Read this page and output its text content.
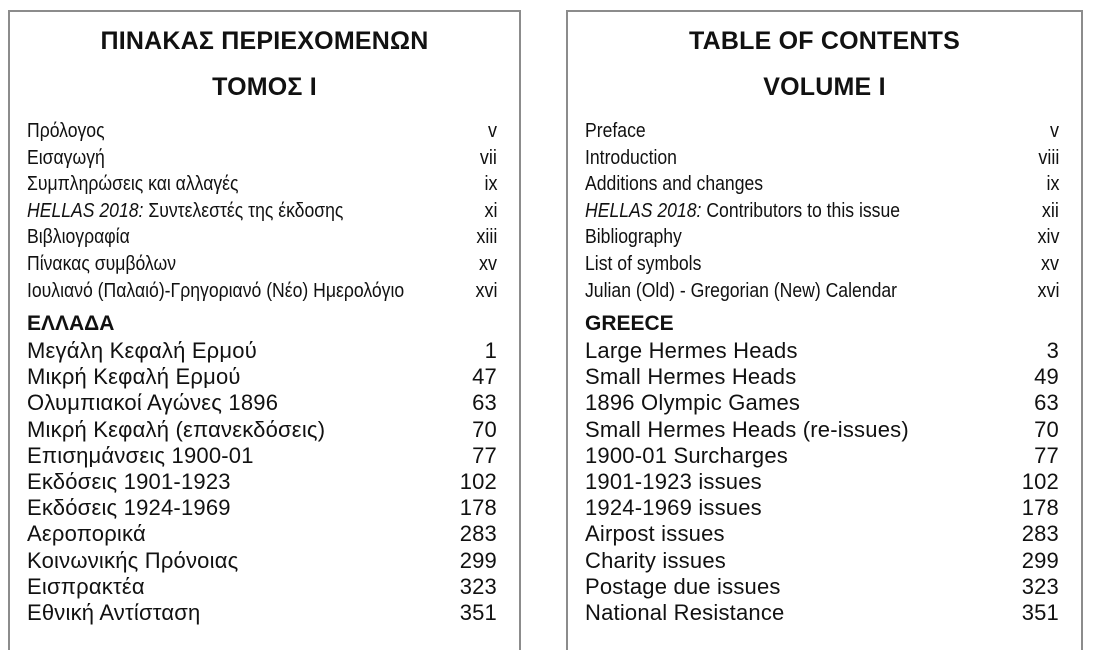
ΠΙΝΑΚΑΣ ΠΕΡΙΕΧΟΜΕΝΩΝ
ΤΟΜΟΣ Ι
Πρόλογος	v
Εισαγωγή	vii
Συμπληρώσεις και αλλαγές	ix
HELLAS 2018: Συντελεστές της έκδοσης	xi
Βιβλιογραφία	xiii
Πίνακας συμβόλων	xv
Ιουλιανό (Παλαιό)-Γρηγοριανό (Νέο) Ημερολόγιο	xvi
ΕΛΛΑΔΑ
Μεγάλη Κεφαλή Ερμού	1
Μικρή Κεφαλή Ερμού	47
Ολυμπιακοί Αγώνες 1896	63
Μικρή Κεφαλή (επανεκδόσεις)	70
Επισημάνσεις 1900-01	77
Εκδόσεις 1901-1923	102
Εκδόσεις 1924-1969	178
Αεροπορικά	283
Κοινωνικής Πρόνοιας	299
Εισπρακτέα	323
Εθνική Αντίσταση	351
TABLE OF CONTENTS
VOLUME I
Preface	v
Introduction	viii
Additions and changes	ix
HELLAS 2018: Contributors to this issue	xii
Bibliography	xiv
List of symbols	xv
Julian (Old) - Gregorian (New) Calendar	xvi
GREECE
Large Hermes Heads	3
Small Hermes Heads	49
1896 Olympic Games	63
Small Hermes Heads (re-issues)	70
1900-01 Surcharges	77
1901-1923 issues	102
1924-1969 issues	178
Airpost issues	283
Charity issues	299
Postage due issues	323
National Resistance	351
